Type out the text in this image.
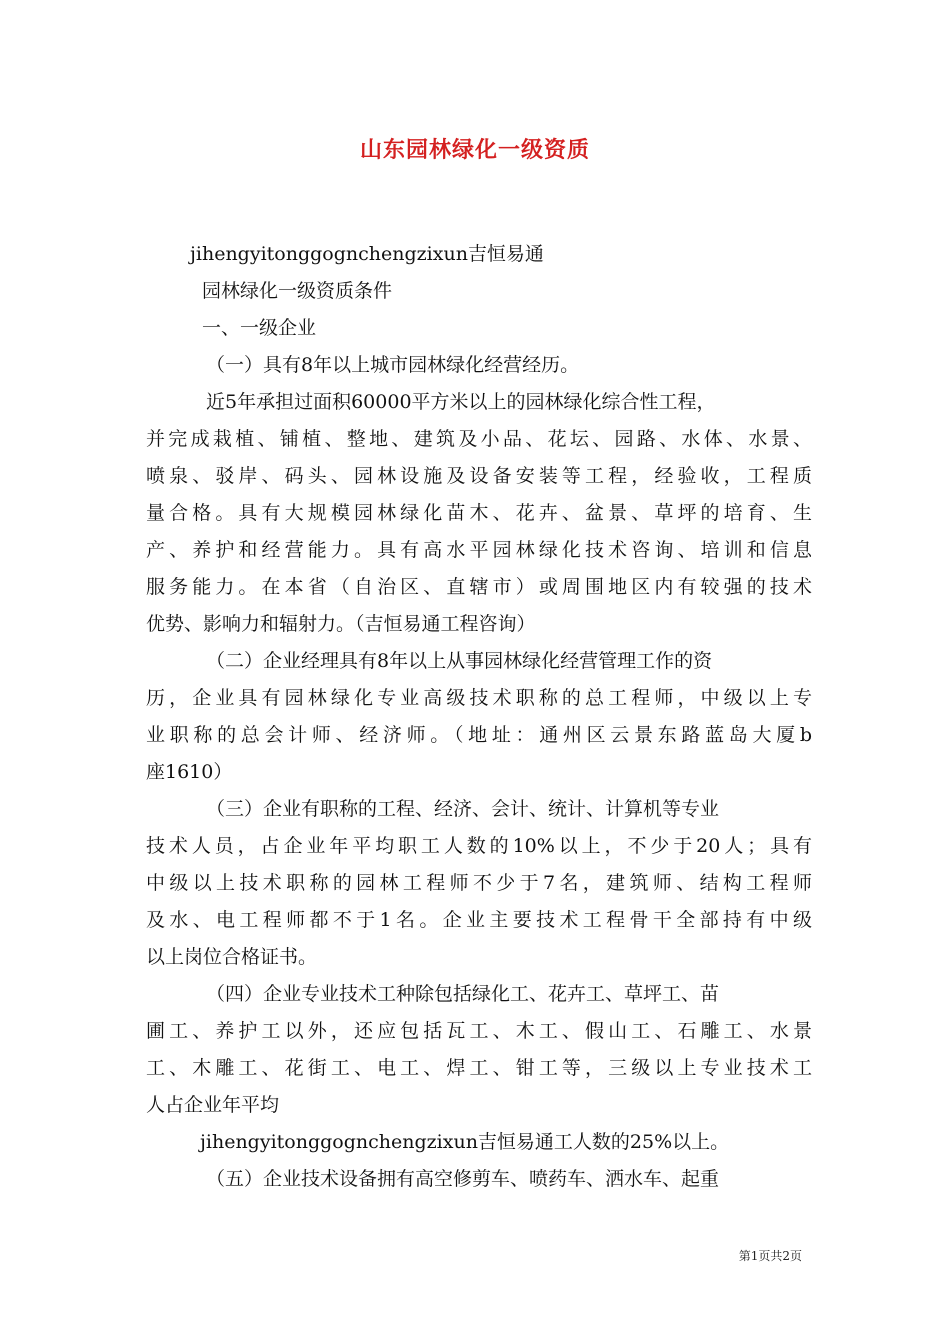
山东园林绿化一级资质
jihengyitonggognchengzixun吉恒易通
园林绿化一级资质条件
一、一级企业
（一）具有8年以上城市园林绿化经营经历。
近5年承担过面积60000平方米以上的园林绿化综合性工程，
并完成栽植、铺植、整地、建筑及小品、花坛、园路、水体、水景、
喷泉、驳岸、码头、园林设施及设备安装等工程，经验收，工程质
量合格。具有大规模园林绿化苗木、花卉、盆景、草坪的培育、生
产、养护和经营能力。具有高水平园林绿化技术咨询、培训和信息
服务能力。在本省（自治区、直辖市）或周围地区内有较强的技术
优势、影响力和辐射力。（吉恒易通工程咨询）
（二）企业经理具有8年以上从事园林绿化经营管理工作的资
历，企业具有园林绿化专业高级技术职称的总工程师，中级以上专
业职称的总会计师、经济师。（地址：通州区云景东路蓝岛大厦b
座1610）
（三）企业有职称的工程、经济、会计、统计、计算机等专业
技术人员，占企业年平均职工人数的10%以上，不少于20人；具有
中级以上技术职称的园林工程师不少于7名，建筑师、结构工程师
及水、电工程师都不于1名。企业主要技术工程骨干全部持有中级
以上岗位合格证书。
（四）企业专业技术工种除包括绿化工、花卉工、草坪工、苗
圃工、养护工以外，还应包括瓦工、木工、假山工、石雕工、水景
工、木雕工、花街工、电工、焊工、钳工等，三级以上专业技术工
人占企业年平均
jihengyitonggognchengzixun吉恒易通工人数的25%以上。
（五）企业技术设备拥有高空修剪车、喷药车、洒水车、起重
第1页共2页
